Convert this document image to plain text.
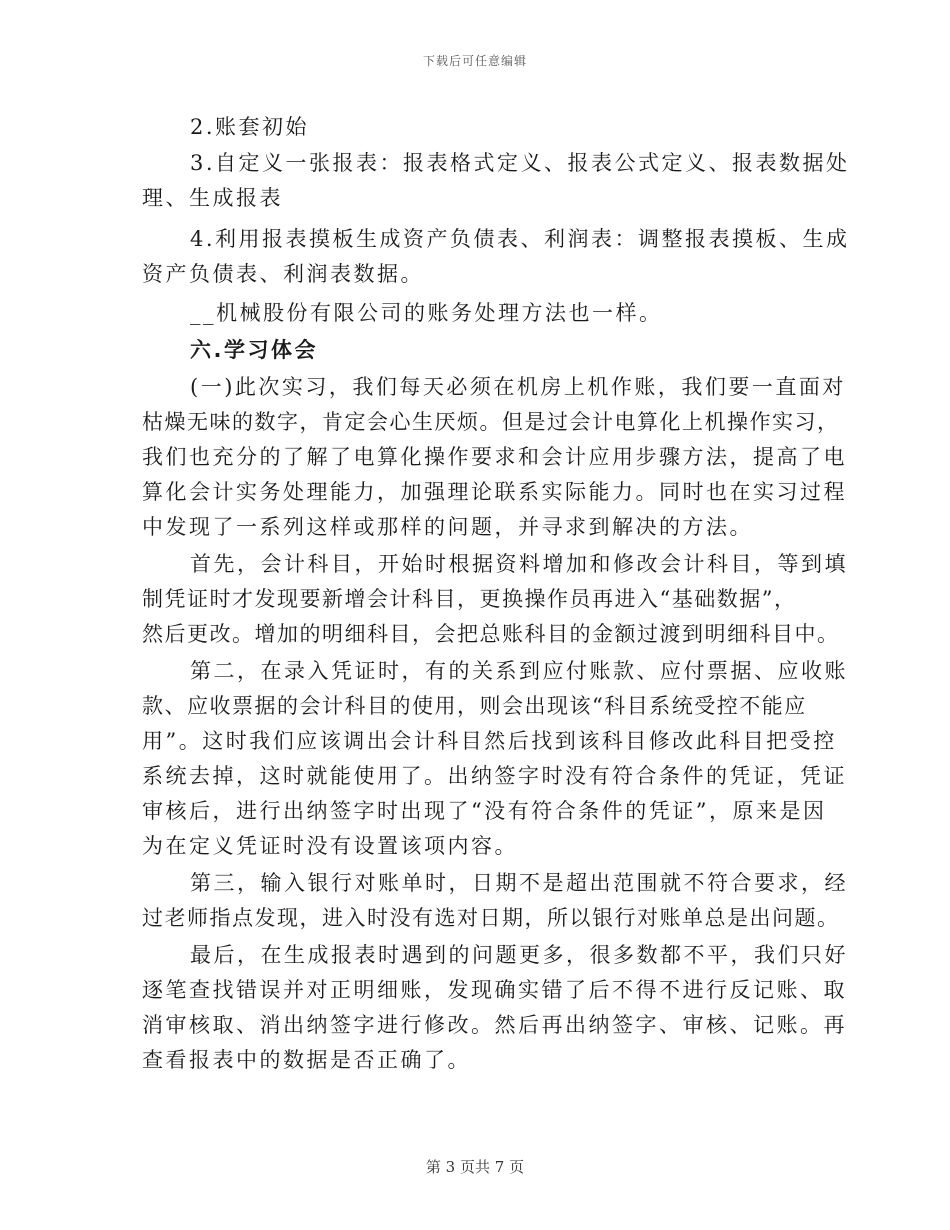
下载后可任意编辑
2.账套初始
3.自定义一张报表：报表格式定义、报表公式定义、报表数据处
理、生成报表
4.利用报表摸板生成资产负债表、利润表：调整报表摸板、生成
资产负债表、利润表数据。
__机械股份有限公司的账务处理方法也一样。
六.学习体会
(一)此次实习，我们每天必须在机房上机作账，我们要一直面对
枯燥无味的数字，肯定会心生厌烦。但是过会计电算化上机操作实习，
我们也充分的了解了电算化操作要求和会计应用步骤方法，提高了电
算化会计实务处理能力，加强理论联系实际能力。同时也在实习过程
中发现了一系列这样或那样的问题，并寻求到解决的方法。
首先，会计科目，开始时根据资料增加和修改会计科目，等到填
制凭证时才发现要新增会计科目，更换操作员再进入“基础数据”，
然后更改。增加的明细科目，会把总账科目的金额过渡到明细科目中。
第二，在录入凭证时，有的关系到应付账款、应付票据、应收账
款、应收票据的会计科目的使用，则会出现该“科目系统受控不能应
用”。这时我们应该调出会计科目然后找到该科目修改此科目把受控
系统去掉，这时就能使用了。出纳签字时没有符合条件的凭证，凭证
审核后，进行出纳签字时出现了“没有符合条件的凭证”，原来是因
为在定义凭证时没有设置该项内容。
第三，输入银行对账单时，日期不是超出范围就不符合要求，经
过老师指点发现，进入时没有选对日期，所以银行对账单总是出问题。
最后，在生成报表时遇到的问题更多，很多数都不平，我们只好
逐笔查找错误并对正明细账，发现确实错了后不得不进行反记账、取
消审核取、消出纳签字进行修改。然后再出纳签字、审核、记账。再
查看报表中的数据是否正确了。
第 3 页共 7 页
